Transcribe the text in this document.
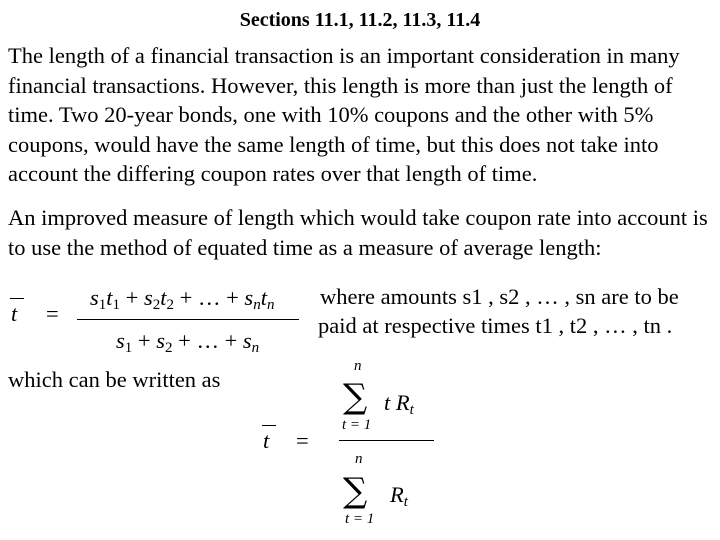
Sections 11.1, 11.2, 11.3, 11.4
The length of a financial transaction is an important consideration in many financial transactions. However, this length is more than just the length of time. Two 20-year bonds, one with 10% coupons and the other with 5% coupons, would have the same length of time, but this does not take into account the differing coupon rates over that length of time.
An improved measure of length which would take coupon rate into account is to use the method of equated time as a measure of average length:
t =
$s_1t_1 + s_2t_2$ + … + $s_nt_n$
$s_1 + s_2$ + … + $s_n$
where amounts s1 , s2 , … , sn are to be
paid at respective times t1 , t2 , … , tn .
which can be written as
t =
n
∑
t = 1
t $R_t$
n
∑
t = 1
$R_t$
